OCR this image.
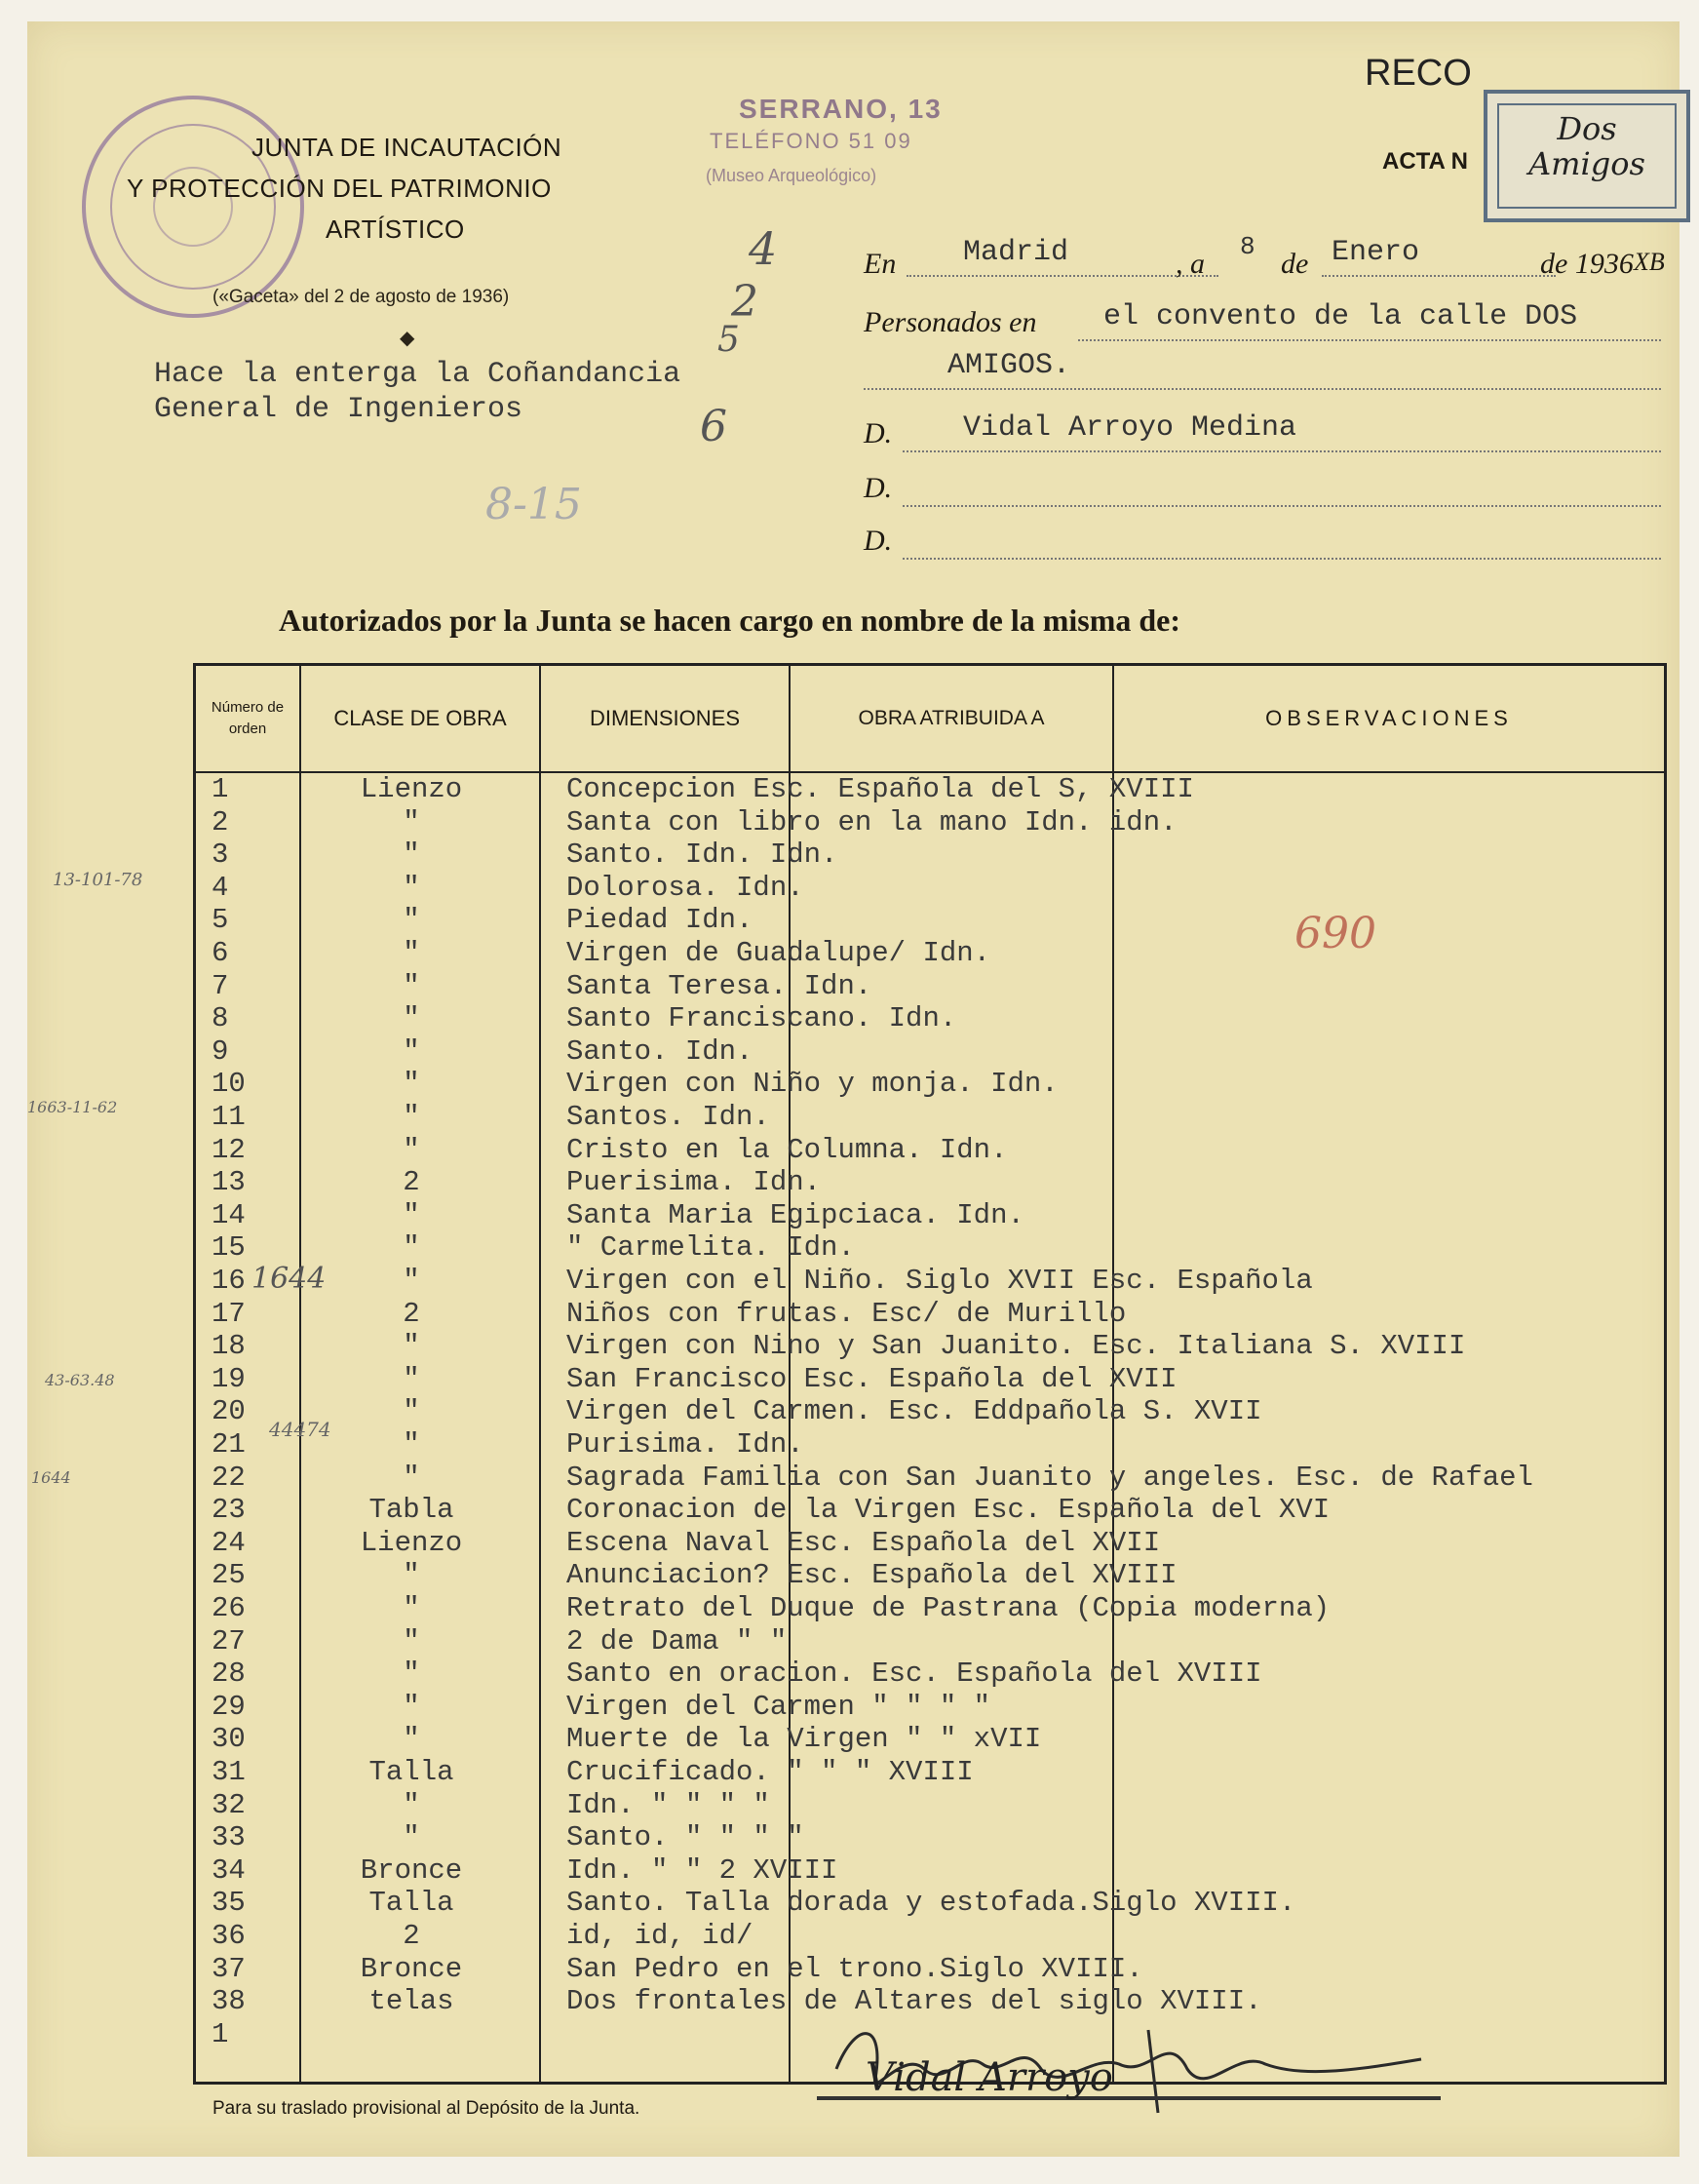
JUNTA DE INCAUTACIÓN
Y PROTECCIÓN DEL PATRIMONIO
ARTÍSTICO
(«Gaceta» del 2 de agosto de 1936)
◆
Hace la enterga la Coñandancia
General de Ingenieros
SERRANO, 13
TELÉFONO 51 09
(Museo Arqueológico)
4
2
5
6
8-15
RECO
ACTA N
Dos
Amigos
En Madrid	, a
8
de Enero	de 1936 XB
Personados en el convento de la calle DOS
AMIGOS.
D. Vidal Arroyo Medina
D.
D.
Autorizados por la Junta se hacen cargo en nombre de la misma de:
Número de orden	CLASE DE OBRA	DIMENSIONES	OBRA ATRIBUIDA A	OBSERVACIONES
1	Lienzo	Concepcion Esc. Española del S, XVIII
2	"	Santa con libro en la mano Idn. idn.
3	"	Santo. Idn. Idn.
4	"	Dolorosa. Idn.
5	"	Piedad Idn.
6	"	Virgen de Guadalupe/ Idn.
7	"	Santa Teresa. Idn.
8	"	Santo Franciscano. Idn.
9	"	Santo. Idn.
10	"	Virgen con Niño y monja. Idn.
11	"	Santos. Idn.
12	"	Cristo en la Columna. Idn.
13	2	Puerisima. Idn.
14	"	Santa Maria Egipciaca. Idn.
15	"	" Carmelita. Idn.
16	"	Virgen con el Niño. Siglo XVII Esc. Española
17	2	Niños con frutas. Esc/ de Murillo
18	"	Virgen con Nino y San Juanito. Esc. Italiana S. XVIII
19	"	San Francisco Esc. Española del XVII
20	"	Virgen del Carmen. Esc. Eddpañola S. XVII
21	"	Purisima. Idn.
22	"	Sagrada Familia con San Juanito y angeles. Esc. de Rafael
23	Tabla	Coronacion de la Virgen Esc. Española del XVI
24	Lienzo	Escena Naval Esc. Española del XVII
25	"	Anunciacion? Esc. Española del XVIII
26	"	Retrato del Duque de Pastrana (Copia moderna)
27	"	2 de Dama " "
28	"	Santo en oracion. Esc. Española del XVIII
29	"	Virgen del Carmen " " " "
30	"	Muerte de la Virgen " " xVII
31	Talla	Crucificado. " " " XVIII
32	"	Idn. " " " "
33	"	Santo. " " " "
34	Bronce	Idn. " " 2 XVIII
35	Talla	Santo. Talla dorada y estofada.Siglo XVIII.
36	2	id, id, id/
37	Bronce	San Pedro en el trono.Siglo XVIII.
38	telas	Dos frontales de Altares del siglo XVIII.
1
13-101-78
1663-11-62
1644
44474
43-63.48
1644
690
Vidal Arroyo
Para su traslado provisional al Depósito de la Junta.
